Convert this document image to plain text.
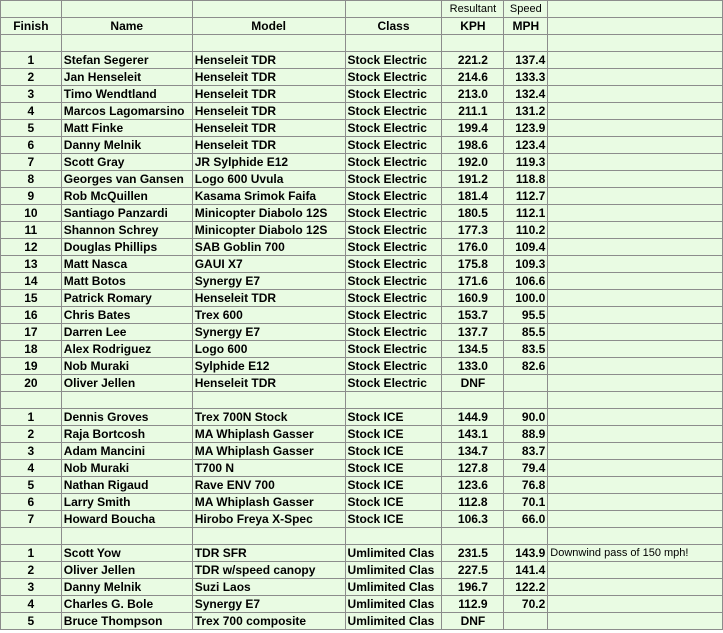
				Resultant	Speed	
Finish	Name	Model	Class	KPH	MPH	

1	Stefan Segerer	Henseleit TDR	Stock Electric	221.2	137.4	
2	Jan Henseleit	Henseleit TDR	Stock Electric	214.6	133.3	
3	Timo Wendtland	Henseleit TDR	Stock Electric	213.0	132.4	
4	Marcos Lagomarsino	Henseleit TDR	Stock Electric	211.1	131.2	
5	Matt Finke	Henseleit TDR	Stock Electric	199.4	123.9	
6	Danny Melnik	Henseleit TDR	Stock Electric	198.6	123.4	
7	Scott Gray	JR Sylphide E12	Stock Electric	192.0	119.3	
8	Georges van Gansen	Logo 600 Uvula	Stock Electric	191.2	118.8	
9	Rob McQuillen	Kasama Srimok Faifa	Stock Electric	181.4	112.7	
10	Santiago Panzardi	Minicopter Diabolo 12S	Stock Electric	180.5	112.1	
11	Shannon Schrey	Minicopter Diabolo 12S	Stock Electric	177.3	110.2	
12	Douglas Phillips	SAB Goblin 700	Stock Electric	176.0	109.4	
13	Matt Nasca	GAUI X7	Stock Electric	175.8	109.3	
14	Matt Botos	Synergy E7	Stock Electric	171.6	106.6	
15	Patrick Romary	Henseleit TDR	Stock Electric	160.9	100.0	
16	Chris Bates	Trex 600	Stock Electric	153.7	95.5	
17	Darren Lee	Synergy E7	Stock Electric	137.7	85.5	
18	Alex Rodriguez	Logo 600	Stock Electric	134.5	83.5	
19	Nob Muraki	Sylphide E12	Stock Electric	133.0	82.6	
20	Oliver Jellen	Henseleit TDR	Stock Electric	DNF		

1	Dennis Groves	Trex 700N Stock	Stock ICE	144.9	90.0	
2	Raja Bortcosh	MA Whiplash Gasser	Stock ICE	143.1	88.9	
3	Adam Mancini	MA Whiplash Gasser	Stock ICE	134.7	83.7	
4	Nob Muraki	T700 N	Stock ICE	127.8	79.4	
5	Nathan Rigaud	Rave ENV 700	Stock ICE	123.6	76.8	
6	Larry Smith	MA Whiplash Gasser	Stock ICE	112.8	70.1	
7	Howard Boucha	Hirobo Freya X-Spec	Stock ICE	106.3	66.0	

1	Scott Yow	TDR SFR	Umlimited Clas	231.5	143.9	Downwind pass of 150 mph!
2	Oliver Jellen	TDR w/speed canopy	Umlimited Clas	227.5	141.4	
3	Danny Melnik	Suzi Laos	Umlimited Clas	196.7	122.2	
4	Charles G. Bole	Synergy E7	Umlimited Clas	112.9	70.2	
5	Bruce Thompson	Trex 700 composite	Umlimited Clas	DNF		
